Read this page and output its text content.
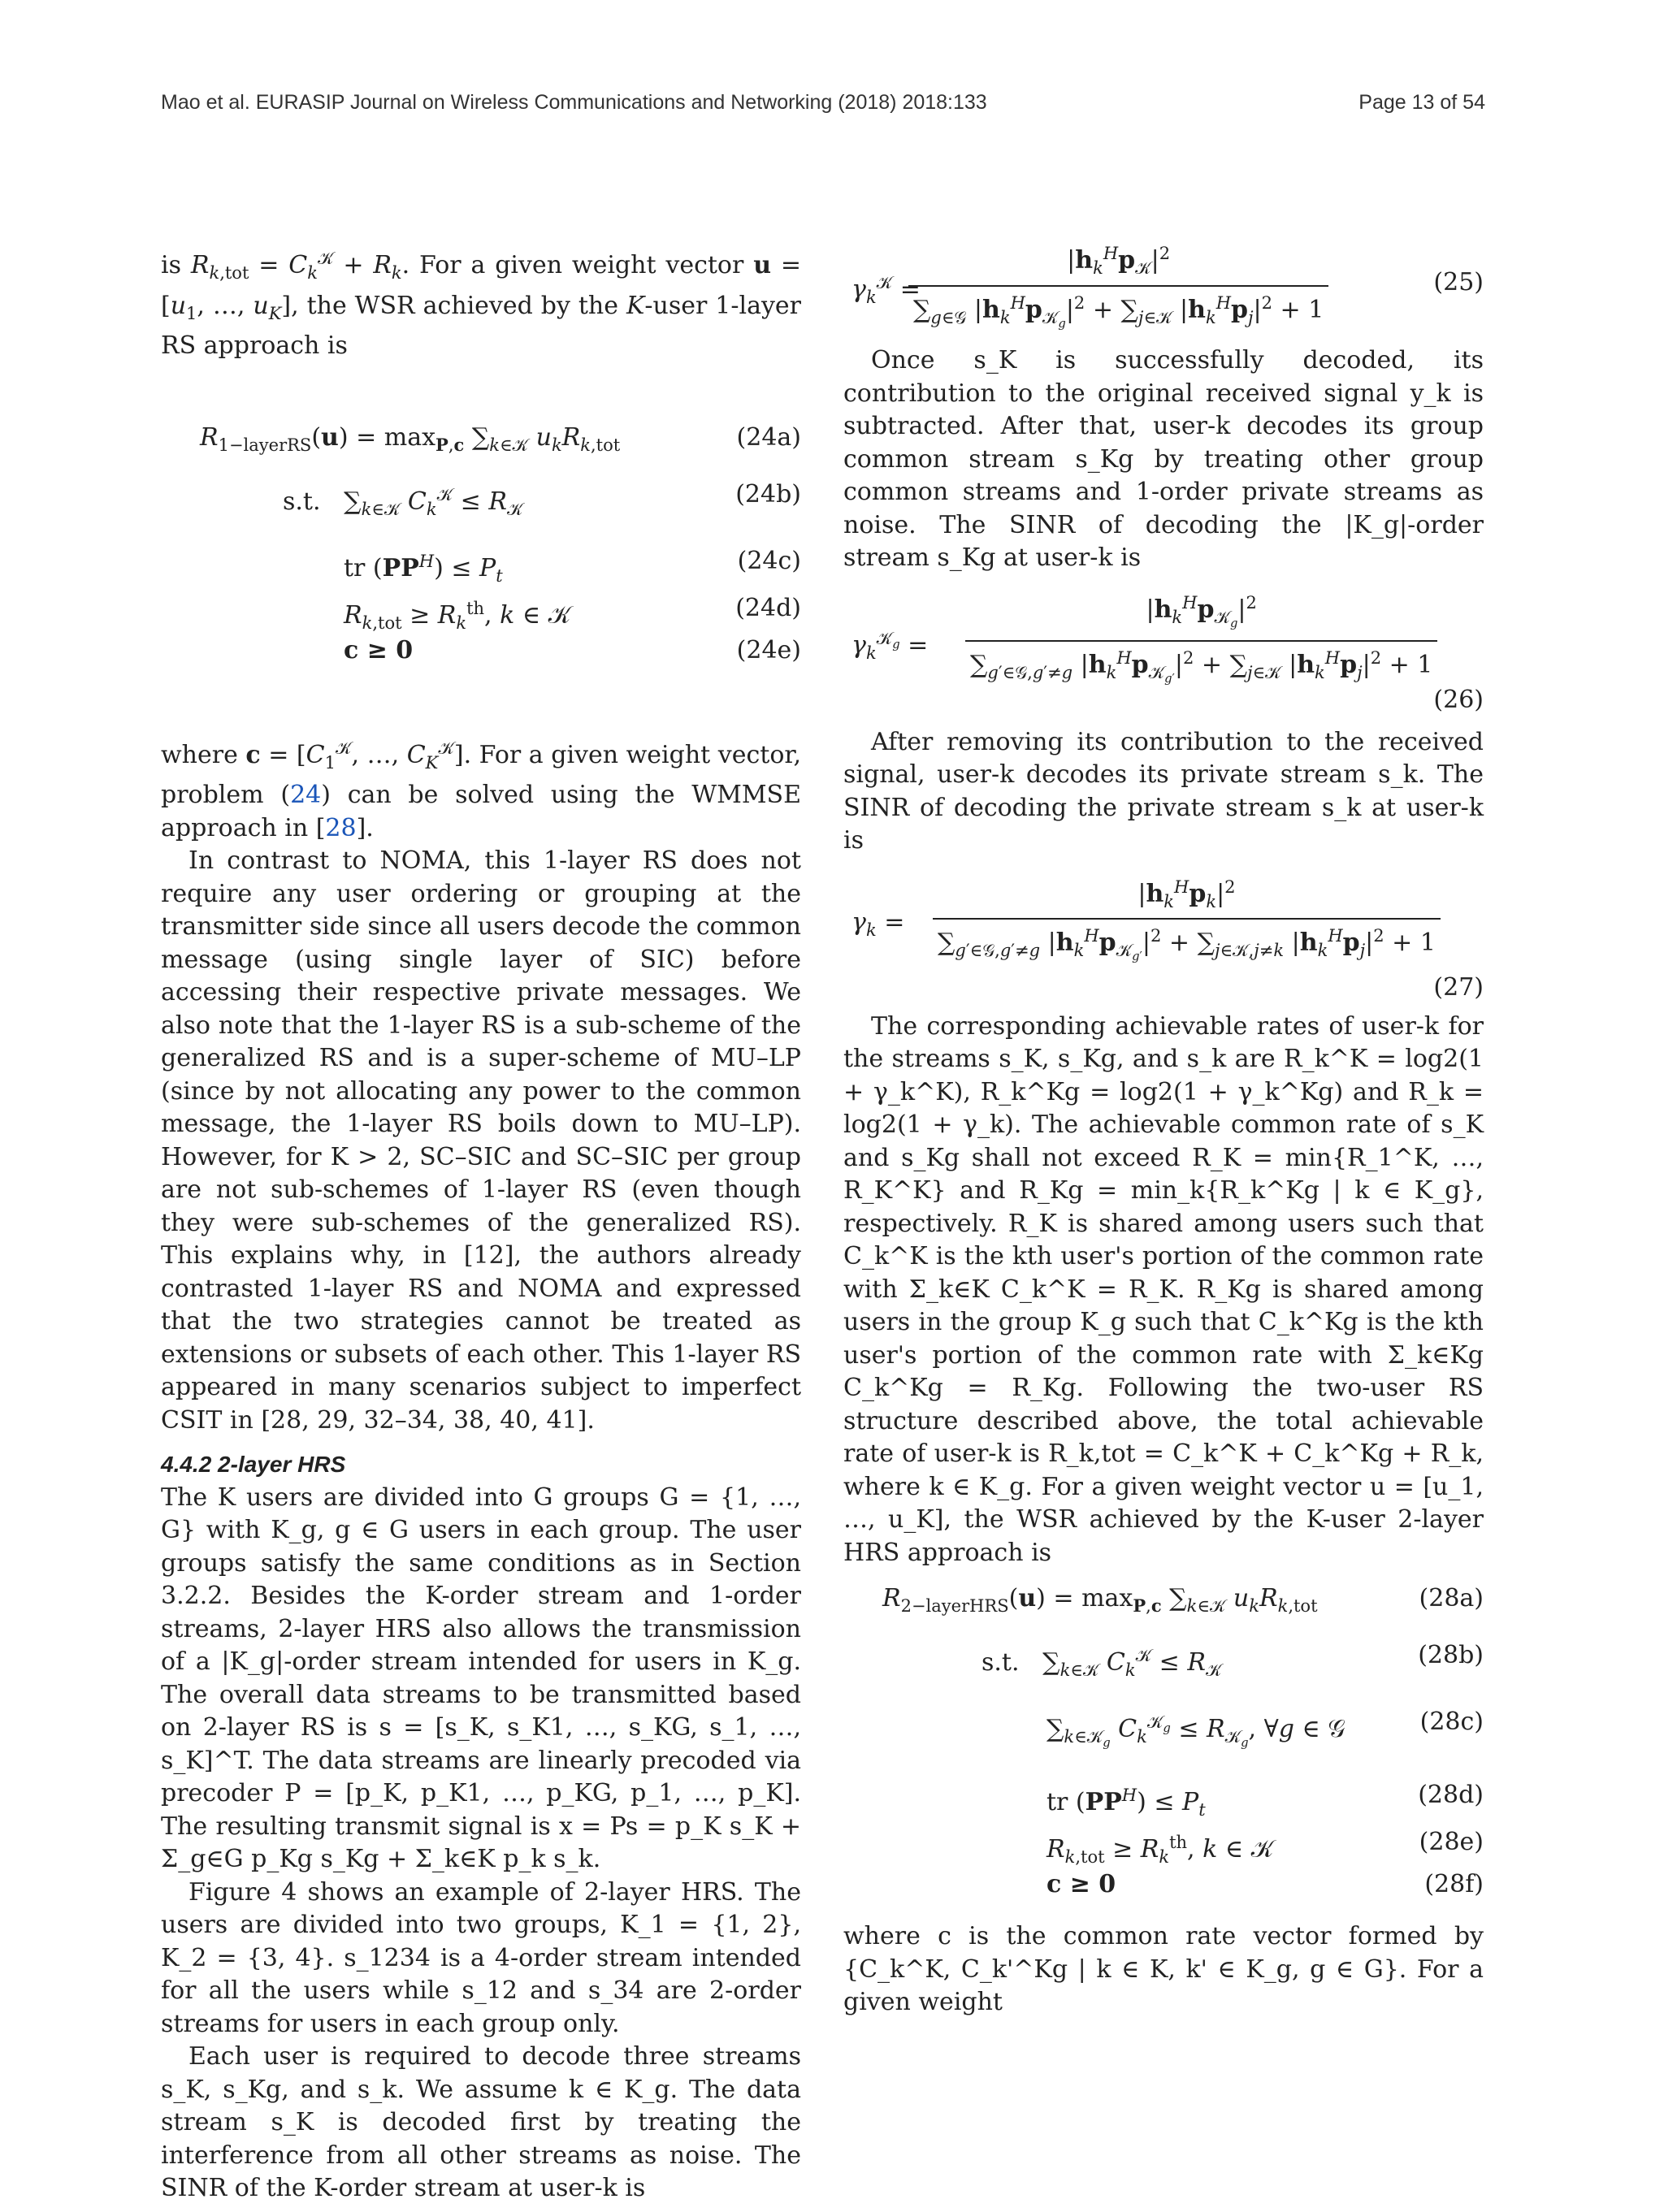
Mao et al. EURASIP Journal on Wireless Communications and Networking (2018) 2018:133	Page 13 of 54

is $R_{k,tot} = C_k^𝒦 + R_k$. For a given weight vector $u = [u_1$, …, $u_K$], the WSR achieved by the K-user 1-layer RS approach is

$R_{1-layerRS}(u) = \max_{P,c} \sum_{k\in 𝒦}$ $u_kR_{k,tot}$	(24a)
s.t.   $\sum_{k\in 𝒦}$ $C_k^𝒦 \le R_𝒦$
(24b)
tr $(PP^H) \le P_t$
(24c)
$R_{k,tot} \ge R_k^{th}$, k ∈ 𝒦	(24d)
c ≥ 0	(24e)

where $c = [C_1^𝒦$, …, $C_K^𝒦$]. For a given weight vector, problem (24) can be solved using the WMMSE approach in [28].

In contrast to NOMA, this 1-layer RS does not require any user ordering or grouping at the transmitter side since all users decode the common message (using single layer of SIC) before accessing their respective private messages. We also note that the 1-layer RS is a sub-scheme of the generalized RS and is a super-scheme of MU–LP (since by not allocating any power to the common message, the 1-layer RS boils down to MU–LP). However, for K > 2, SC–SIC and SC–SIC per group are not sub-schemes of 1-layer RS (even though they were sub-schemes of the generalized RS). This explains why, in [12], the authors already contrasted 1-layer RS and NOMA and expressed that the two strategies cannot be treated as extensions or subsets of each other. This 1-layer RS appeared in many scenarios subject to imperfect CSIT in [28, 29, 32–34, 38, 40, 41].

4.4.2 2-layer HRS

The K users are divided into G groups G = {1, …, G} with K_g, g ∈ G users in each group. The user groups satisfy the same conditions as in Section 3.2.2. Besides the K-order stream and 1-order streams, 2-layer HRS also allows the transmission of a |K_g|-order stream intended for users in K_g. The overall data streams to be transmitted based on 2-layer RS is s = [s_K, s_K1, …, s_KG, s_1, …, s_K]^T. The data streams are linearly precoded via precoder P = [p_K, p_K1, …, p_KG, p_1, …, p_K]. The resulting transmit signal is x = Ps = p_K s_K + Σ_g∈G p_Kg s_Kg + Σ_k∈K p_k s_k.

Figure 4 shows an example of 2-layer HRS. The users are divided into two groups, K_1 = {1, 2}, K_2 = {3, 4}. s_1234 is a 4-order stream intended for all the users while s_12 and s_34 are 2-order streams for users in each group only.

Each user is required to decode three streams s_K, s_Kg, and s_k. We assume k ∈ K_g. The data stream s_K is decoded first by treating the interference from all other streams as noise. The SINR of the K-order stream at user-k is

$\gamma_k^𝒦$ =
$|h_k^Hp_𝒦|^2$
$\sum_{g\in 𝒢}$ $|h_k^Hp_{𝒦_g}|^2 + \sum_{j\in 𝒦}$ $|h_k^Hp_j|^2 + 1$
(25)

Once s_K is successfully decoded, its contribution to the original received signal y_k is subtracted. After that, user-k decodes its group common stream s_Kg by treating other group common streams and 1-order private streams as noise. The SINR of decoding the |K_g|-order stream s_Kg at user-k is

$\gamma_k^{𝒦_g}$ =
$|h_k^Hp_{𝒦_g}|^2$
$\sum_{g'\in 𝒢,g'\ne g}$ $|h_k^Hp_{𝒦_{g'}}|^2 + \sum_{j\in 𝒦}$ $|h_k^Hp_j|^2 + 1$
(26)

After removing its contribution to the received signal, user-k decodes its private stream s_k. The SINR of decoding the private stream s_k at user-k is

$\gamma_k$ =
$|h_k^Hp_k|^2$
$\sum_{g'\in 𝒢,g'\ne g}$ $|h_k^Hp_{𝒦_{g'}}|^2 + \sum_{j\in 𝒦,j\ne k}$ $|h_k^Hp_j|^2 + 1$
(27)

The corresponding achievable rates of user-k for the streams s_K, s_Kg, and s_k are R_k^K = log2(1 + γ_k^K), R_k^Kg = log2(1 + γ_k^Kg) and R_k = log2(1 + γ_k). The achievable common rate of s_K and s_Kg shall not exceed R_K = min{R_1^K, …, R_K^K} and R_Kg = min_k{R_k^Kg | k ∈ K_g}, respectively. R_K is shared among users such that C_k^K is the kth user's portion of the common rate with Σ_k∈K C_k^K = R_K. R_Kg is shared among users in the group K_g such that C_k^Kg is the kth user's portion of the common rate with Σ_k∈Kg C_k^Kg = R_Kg. Following the two-user RS structure described above, the total achievable rate of user-k is R_k,tot = C_k^K + C_k^Kg + R_k, where k ∈ K_g. For a given weight vector u = [u_1, …, u_K], the WSR achieved by the K-user 2-layer HRS approach is

$R_{2-layerHRS}(u) = \max_{P,c} \sum_{k\in 𝒦}$ $u_kR_{k,tot}$	(28a)
s.t.   $\sum_{k\in 𝒦}$ $C_k^𝒦 \le R_𝒦$
(28b)
$\sum_{k\in 𝒦_g}$ $C_k^{𝒦_g} \le R_{𝒦_g}$, ∀g ∈ 𝒢	(28c)
tr $(PP^H) \le P_t$
(28d)
$R_{k,tot} \ge R_k^{th}$, k ∈ 𝒦	(28e)
c ≥ 0	(28f)

where c is the common rate vector formed by {C_k^K, C_k'^Kg | k ∈ K, k' ∈ K_g, g ∈ G}. For a given weight
